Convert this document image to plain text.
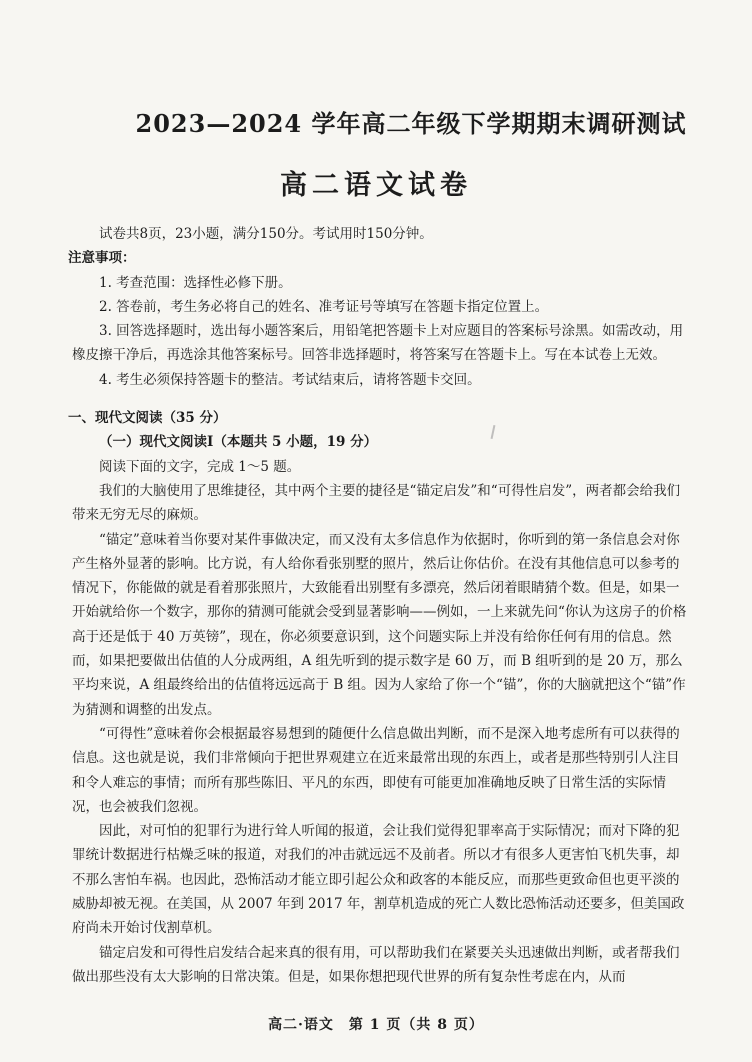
2023—2024 学年高二年级下学期期末调研测试
高二语文试卷

试卷共8页，23小题，满分150分。考试用时150分钟。

注意事项：

1. 考查范围：选择性必修下册。

2. 答卷前，考生务必将自己的姓名、准考证号等填写在答题卡指定位置上。

3. 回答选择题时，选出每小题答案后，用铅笔把答题卡上对应题目的答案标号涂黑。如需改动，用橡皮擦干净后，再选涂其他答案标号。回答非选择题时，将答案写在答题卡上。写在本试卷上无效。

4. 考生必须保持答题卡的整洁。考试结束后，请将答题卡交回。

一、现代文阅读（35 分）

（一）现代文阅读Ⅰ（本题共 5 小题，19 分）

阅读下面的文字，完成 1～5 题。

我们的大脑使用了思维捷径，其中两个主要的捷径是“锚定启发”和“可得性启发”，两者都会给我们带来无穷无尽的麻烦。

“锚定”意味着当你要对某件事做决定，而又没有太多信息作为依据时，你听到的第一条信息会对你产生格外显著的影响。比方说，有人给你看张别墅的照片，然后让你估价。在没有其他信息可以参考的情况下，你能做的就是看着那张照片，大致能看出别墅有多漂亮，然后闭着眼睛猜个数。但是，如果一开始就给你一个数字，那你的猜测可能就会受到显著影响——例如，一上来就先问“你认为这房子的价格高于还是低于 40 万英镑”，现在，你必须要意识到，这个问题实际上并没有给你任何有用的信息。然而，如果把要做出估值的人分成两组，A 组先听到的提示数字是 60 万，而 B 组听到的是 20 万，那么平均来说，A 组最终给出的估值将远远高于 B 组。因为人家给了你一个“锚”，你的大脑就把这个“锚”作为猜测和调整的出发点。

“可得性”意味着你会根据最容易想到的随便什么信息做出判断，而不是深入地考虑所有可以获得的信息。这也就是说，我们非常倾向于把世界观建立在近来最常出现的东西上，或者是那些特别引人注目和令人难忘的事情；而所有那些陈旧、平凡的东西，即使有可能更加准确地反映了日常生活的实际情况，也会被我们忽视。

因此，对可怕的犯罪行为进行耸人听闻的报道，会让我们觉得犯罪率高于实际情况；而对下降的犯罪统计数据进行枯燥乏味的报道，对我们的冲击就远远不及前者。所以才有很多人更害怕飞机失事，却不那么害怕车祸。也因此，恐怖活动才能立即引起公众和政客的本能反应，而那些更致命但也更平淡的威胁却被无视。在美国，从 2007 年到 2017 年，割草机造成的死亡人数比恐怖活动还要多，但美国政府尚未开始讨伐割草机。

锚定启发和可得性启发结合起来真的很有用，可以帮助我们在紧要关头迅速做出判断，或者帮我们做出那些没有太大影响的日常决策。但是，如果你想把现代世界的所有复杂性考虑在内，从而

高二·语文　第 1 页（共 8 页）
